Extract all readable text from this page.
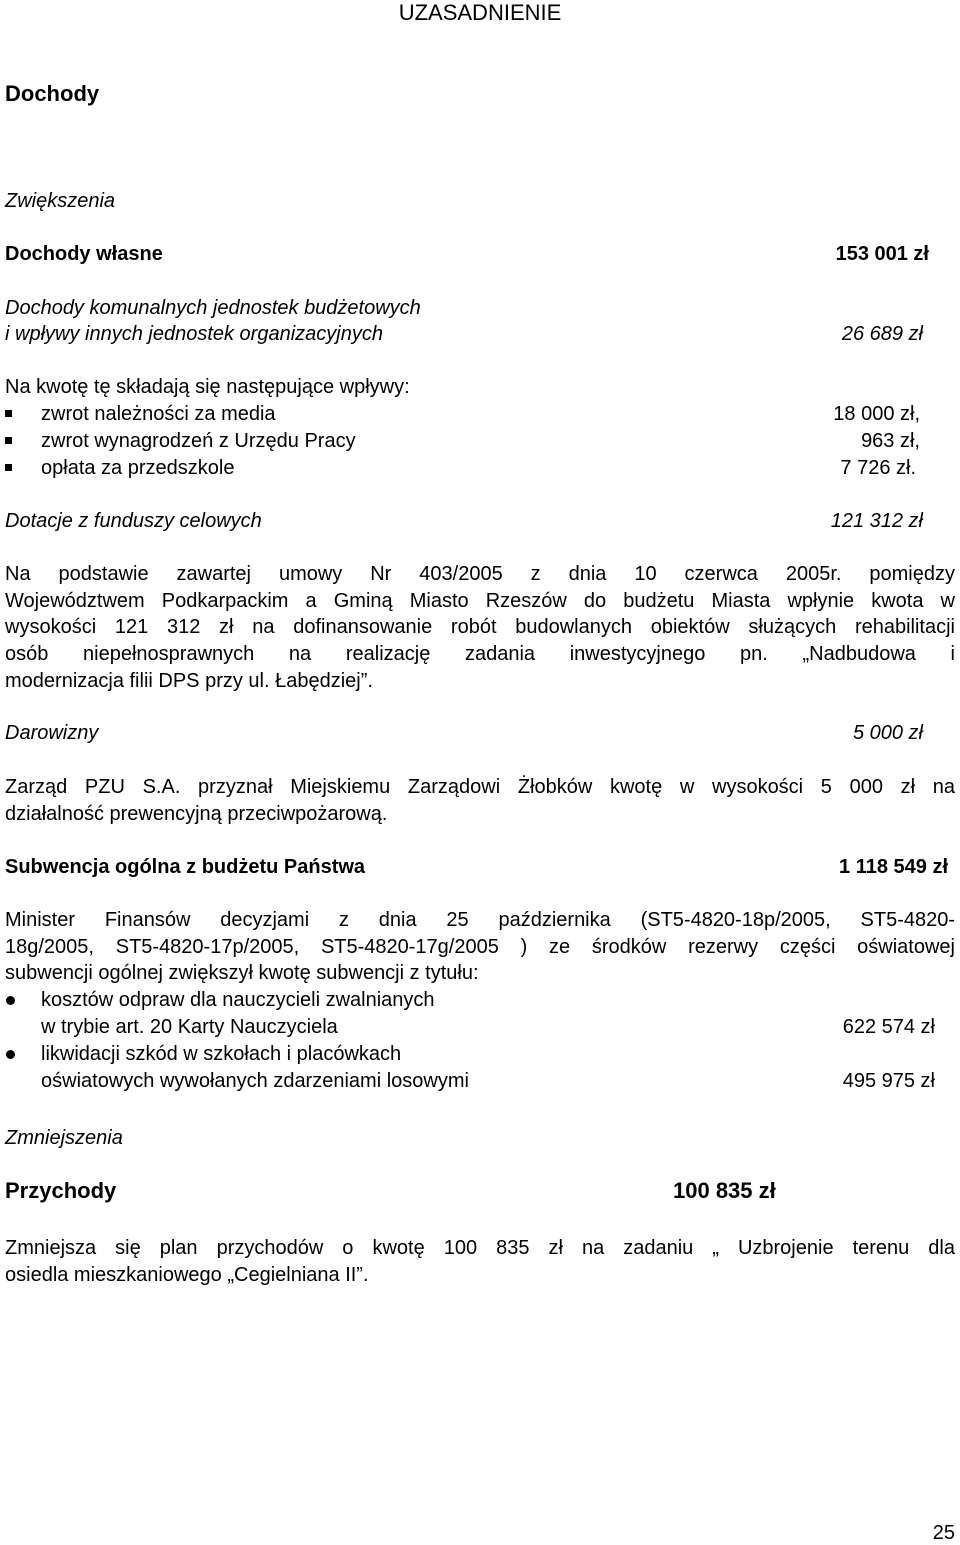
UZASADNIENIE
Dochody
Zwiększenia
Dochody własne	153 001 zł
Dochody komunalnych jednostek budżetowych
i wpływy innych jednostek organizacyjnych	26 689 zł
Na kwotę tę składają się następujące wpływy:
zwrot należności za media	18 000 zł,
zwrot wynagrodzeń z Urzędu Pracy	963 zł,
opłata za przedszkole	7 726 zł.
Dotacje z funduszy celowych	121 312 zł
Na podstawie zawartej umowy Nr 403/2005 z dnia 10 czerwca 2005r. pomiędzy
Województwem Podkarpackim a Gminą Miasto Rzeszów do budżetu Miasta wpłynie kwota w
wysokości 121 312 zł na dofinansowanie robót budowlanych obiektów służących rehabilitacji
osób niepełnosprawnych na realizację zadania inwestycyjnego pn. „Nadbudowa i
modernizacja filii DPS przy ul. Łabędziej”.
Darowizny	5 000 zł
Zarząd PZU S.A. przyznał Miejskiemu Zarządowi Żłobków kwotę w wysokości 5 000 zł na
działalność prewencyjną przeciwpożarową.
Subwencja ogólna z budżetu Państwa	1 118 549 zł
Minister Finansów decyzjami z dnia 25 października (ST5-4820-18p/2005, ST5-4820-
18g/2005, ST5-4820-17p/2005, ST5-4820-17g/2005 ) ze środków rezerwy części oświatowej
subwencji ogólnej zwiększył kwotę subwencji z tytułu:
kosztów odpraw dla nauczycieli zwalnianych
w trybie art. 20 Karty Nauczyciela	622 574 zł
likwidacji szkód w szkołach i placówkach
oświatowych wywołanych zdarzeniami losowymi	495 975 zł
Zmniejszenia
Przychody	100 835 zł
Zmniejsza się plan przychodów o kwotę 100 835 zł na zadaniu „ Uzbrojenie terenu dla
osiedla mieszkaniowego „Cegielniana II”.
25
